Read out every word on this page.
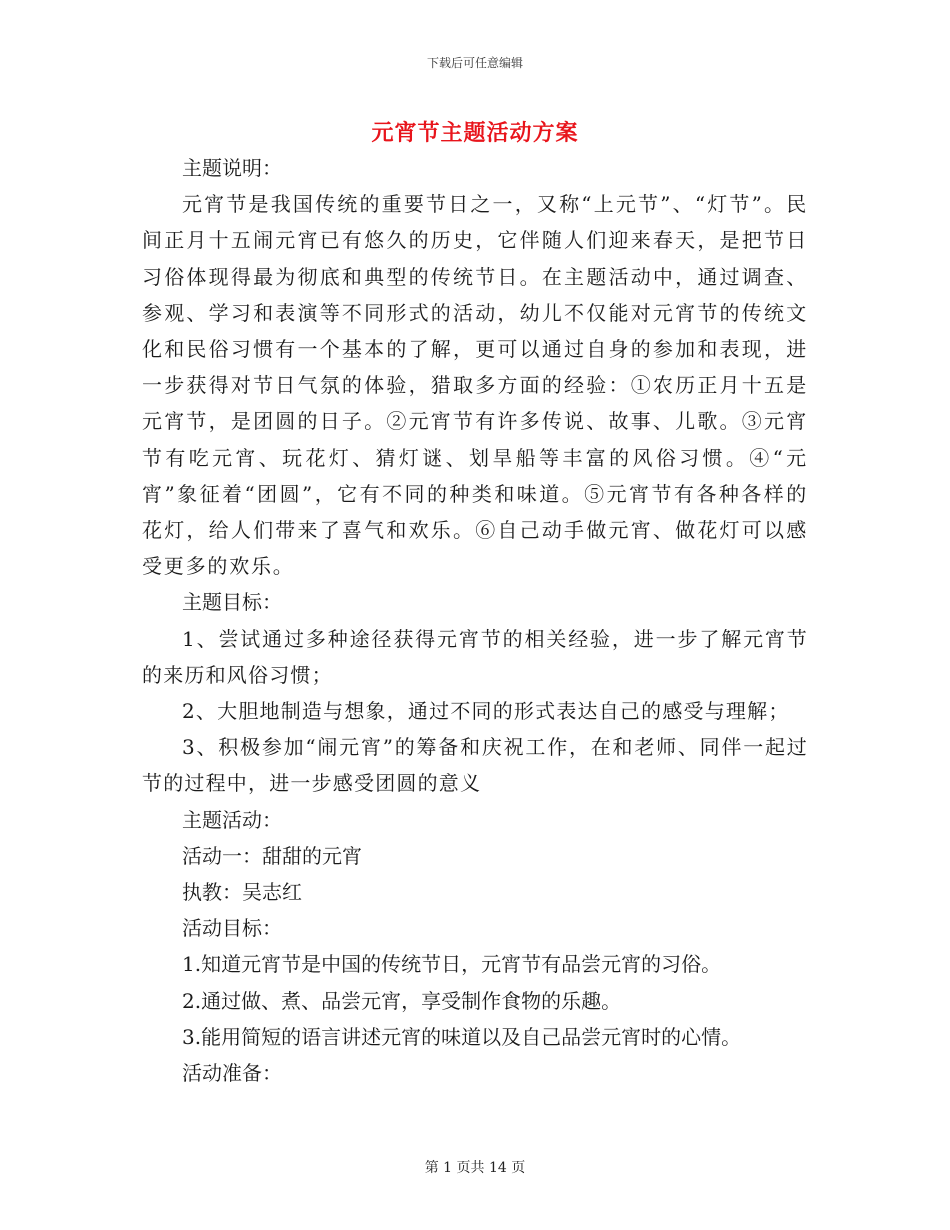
下载后可任意编辑
元宵节主题活动方案

主题说明：

元宵节是我国传统的重要节日之一，又称“上元节”、“灯节”。民间正月十五闹元宵已有悠久的历史，它伴随人们迎来春天，是把节日习俗体现得最为彻底和典型的传统节日。在主题活动中，通过调查、参观、学习和表演等不同形式的活动，幼儿不仅能对元宵节的传统文化和民俗习惯有一个基本的了解，更可以通过自身的参加和表现，进一步获得对节日气氛的体验，猎取多方面的经验：①农历正月十五是元宵节，是团圆的日子。②元宵节有许多传说、故事、儿歌。③元宵节有吃元宵、玩花灯、猜灯谜、划旱船等丰富的风俗习惯。④“元宵”象征着“团圆”，它有不同的种类和味道。⑤元宵节有各种各样的花灯，给人们带来了喜气和欢乐。⑥自己动手做元宵、做花灯可以感受更多的欢乐。

主题目标：

1、尝试通过多种途径获得元宵节的相关经验，进一步了解元宵节的来历和风俗习惯；

2、大胆地制造与想象，通过不同的形式表达自己的感受与理解；

3、积极参加“闹元宵”的筹备和庆祝工作，在和老师、同伴一起过节的过程中，进一步感受团圆的意义

主题活动：

活动一：甜甜的元宵

执教：吴志红

活动目标：

1.知道元宵节是中国的传统节日，元宵节有品尝元宵的习俗。

2.通过做、煮、品尝元宵，享受制作食物的乐趣。

3.能用简短的语言讲述元宵的味道以及自己品尝元宵时的心情。

活动准备：

第 1 页共 14 页
